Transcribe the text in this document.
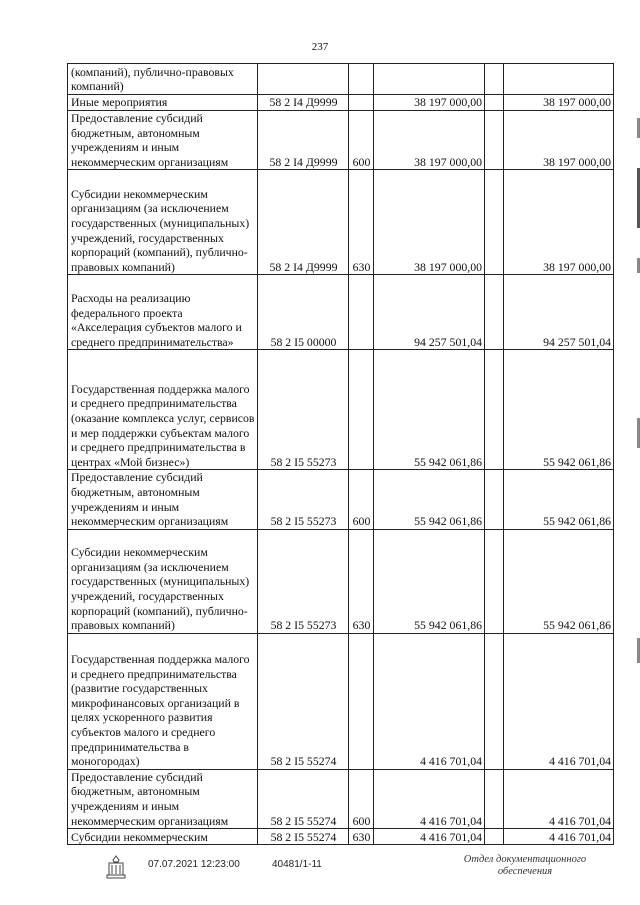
237
(компаний), публично-правовых компаний)					
Иные мероприятия	58 2 I4 Д9999		38 197 000,00		38 197 000,00
Предоставление субсидий бюджетным, автономным учреждениям и иным некоммерческим организациям	58 2 I4 Д9999	600	38 197 000,00		38 197 000,00
Субсидии некоммерческим организациям (за исключением государственных (муниципальных) учреждений, государственных корпораций (компаний), публично-правовых компаний)	58 2 I4 Д9999	630	38 197 000,00		38 197 000,00
Расходы на реализацию федерального проекта «Акселерация субъектов малого и среднего предпринимательства»	58 2 I5 00000		94 257 501,04		94 257 501,04
Государственная поддержка малого и среднего предпринимательства (оказание комплекса услуг, сервисов и мер поддержки субъектам малого и среднего предпринимательства в центрах «Мой бизнес»)	58 2 I5 55273		55 942 061,86		55 942 061,86
Предоставление субсидий бюджетным, автономным учреждениям и иным некоммерческим организациям	58 2 I5 55273	600	55 942 061,86		55 942 061,86
Субсидии некоммерческим организациям (за исключением государственных (муниципальных) учреждений, государственных корпораций (компаний), публично-правовых компаний)	58 2 I5 55273	630	55 942 061,86		55 942 061,86
Государственная поддержка малого и среднего предпринимательства (развитие государственных микрофинансовых организаций в целях ускоренного развития субъектов малого и среднего предпринимательства в моногородах)	58 2 I5 55274		4 416 701,04		4 416 701,04
Предоставление субсидий бюджетным, автономным учреждениям и иным некоммерческим организациям	58 2 I5 55274	600	4 416 701,04		4 416 701,04
Субсидии некоммерческим	58 2 I5 55274	630	4 416 701,04		4 416 701,04
07.07.2021 12:23:00	40481/1-11	Отдел документационного
обеспечения
